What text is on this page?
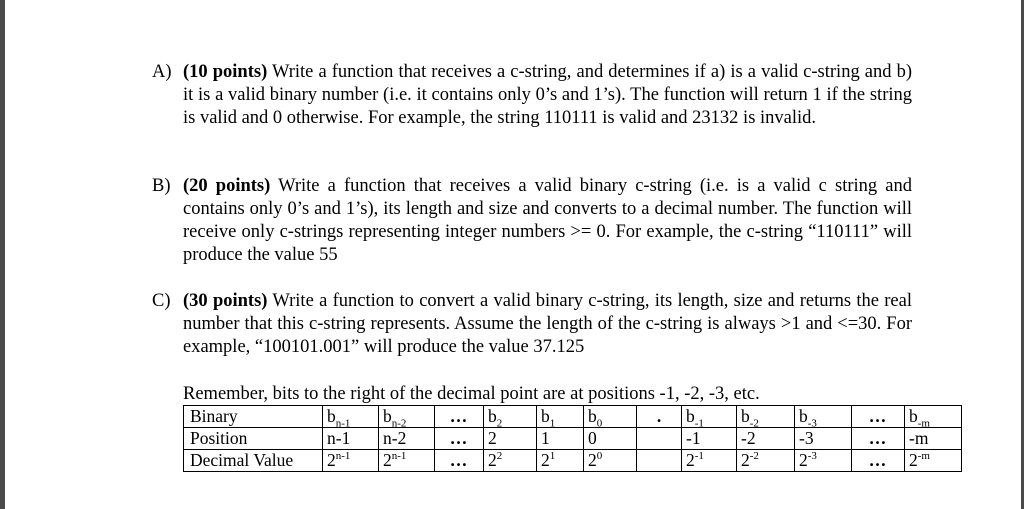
A) (10 points) Write a function that receives a c-string, and determines if a) is a valid c-string and b) it is a valid binary number (i.e. it contains only 0’s and 1’s). The function will return 1 if the string is valid and 0 otherwise. For example, the string 110111 is valid and 23132 is invalid.
B) (20 points) Write a function that receives a valid binary c-string (i.e. is a valid c string and contains only 0’s and 1’s), its length and size and converts to a decimal number. The function will receive only c-strings representing integer numbers >= 0. For example, the c-string “110111” will produce the value 55
C) (30 points) Write a function to convert a valid binary c-string, its length, size and returns the real number that this c-string represents. Assume the length of the c-string is always >1 and <=30. For example, “100101.001” will produce the value 37.125
Remember, bits to the right of the decimal point are at positions -1, -2, -3, etc.
Binary	$b_{n-1}$	$b_{n-2}$	…	$b_2$	$b_1$	$b_0$	.	$b_{-1}$	$b_{-2}$	$b_{-3}$	…	$b_{-m}$
Position	n-1	n-2	…	2	1	0		-1	-2	-3	…	-m
Decimal Value	2$^{n-1}$	2$^{n-1}$	…	$2^2$	$2^1$	$2^0$		$2^{-1}$	$2^{-2}$	$2^{-3}$	…	$2^{-m}$
